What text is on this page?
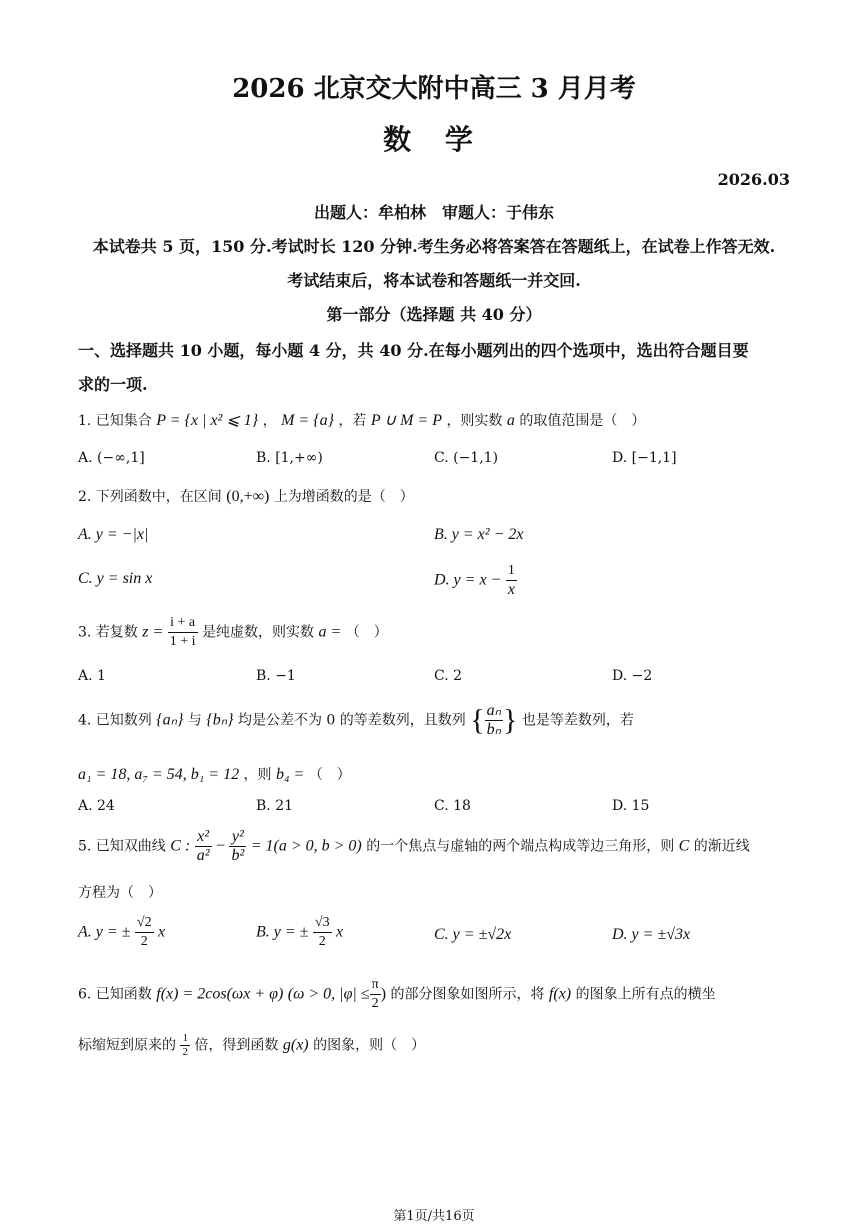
2026 北京交大附中高三 3 月月考
数 学
2026.03
出题人：牟柏林　审题人：于伟东
本试卷共 5 页，150 分.考试时长 120 分钟.考生务必将答案答在答题纸上，在试卷上作答无效.
考试结束后，将本试卷和答题纸一并交回.
第一部分（选择题 共 40 分）
一、选择题共 10 小题，每小题 4 分，共 40 分.在每小题列出的四个选项中，选出符合题目要
求的一项.
1. 已知集合 P = {x | x² ⩽ 1} ， M = {a} ，若 P ∪ M = P ，则实数 a 的取值范围是（　）
A. (−∞,1]	B. [1,+∞)	C. (−1,1)	D. [−1,1]
2. 下列函数中，在区间 (0,+∞) 上为增函数的是（　）
A. y = −|x|	B. y = x² − 2x
C. y = sin x	D. $y = x - \frac{1}{x}$
3. 若复数 $z = \frac{i + a}{1 + i}$ 是纯虚数，则实数 a = （　）
A. 1	B. −1	C. 2	D. −2
4. 已知数列 {aₙ} 与 {bₙ} 均是公差不为 0 的等差数列，且数列 { $\frac{\text{aₙ}}{\text{bₙ}}$ } 也是等差数列，若
a₁ = 18, a₇ = 54, b₁ = 12 ，则 b₄ = （　）
A. 24	B. 21	C. 18	D. 15
5. 已知双曲线 C : $\frac{\text{x²}}{\text{a²}} - \frac{\text{y²}}{\text{b²}} = 1(a > 0$, b > 0) 的一个焦点与虚轴的两个端点构成等边三角形，则 C 的渐近线
方程为（　）
A. y = ± $\frac{√2}{2}$ x	B. y = ± $\frac{√3}{2}$ x	C. y = ±√2x	D. y = ±√3x
6. 已知函数 f(x) = 2cos(ωx + φ) (ω > 0, $|\varphi| \le \frac{\pi}{2}$ ) 的部分图象如图所示，将 f(x) 的图象上所有点的横坐
标缩短到原来的 $\frac{1}{2}$ 倍，得到函数 g(x) 的图象，则（　）
第1页/共16页
